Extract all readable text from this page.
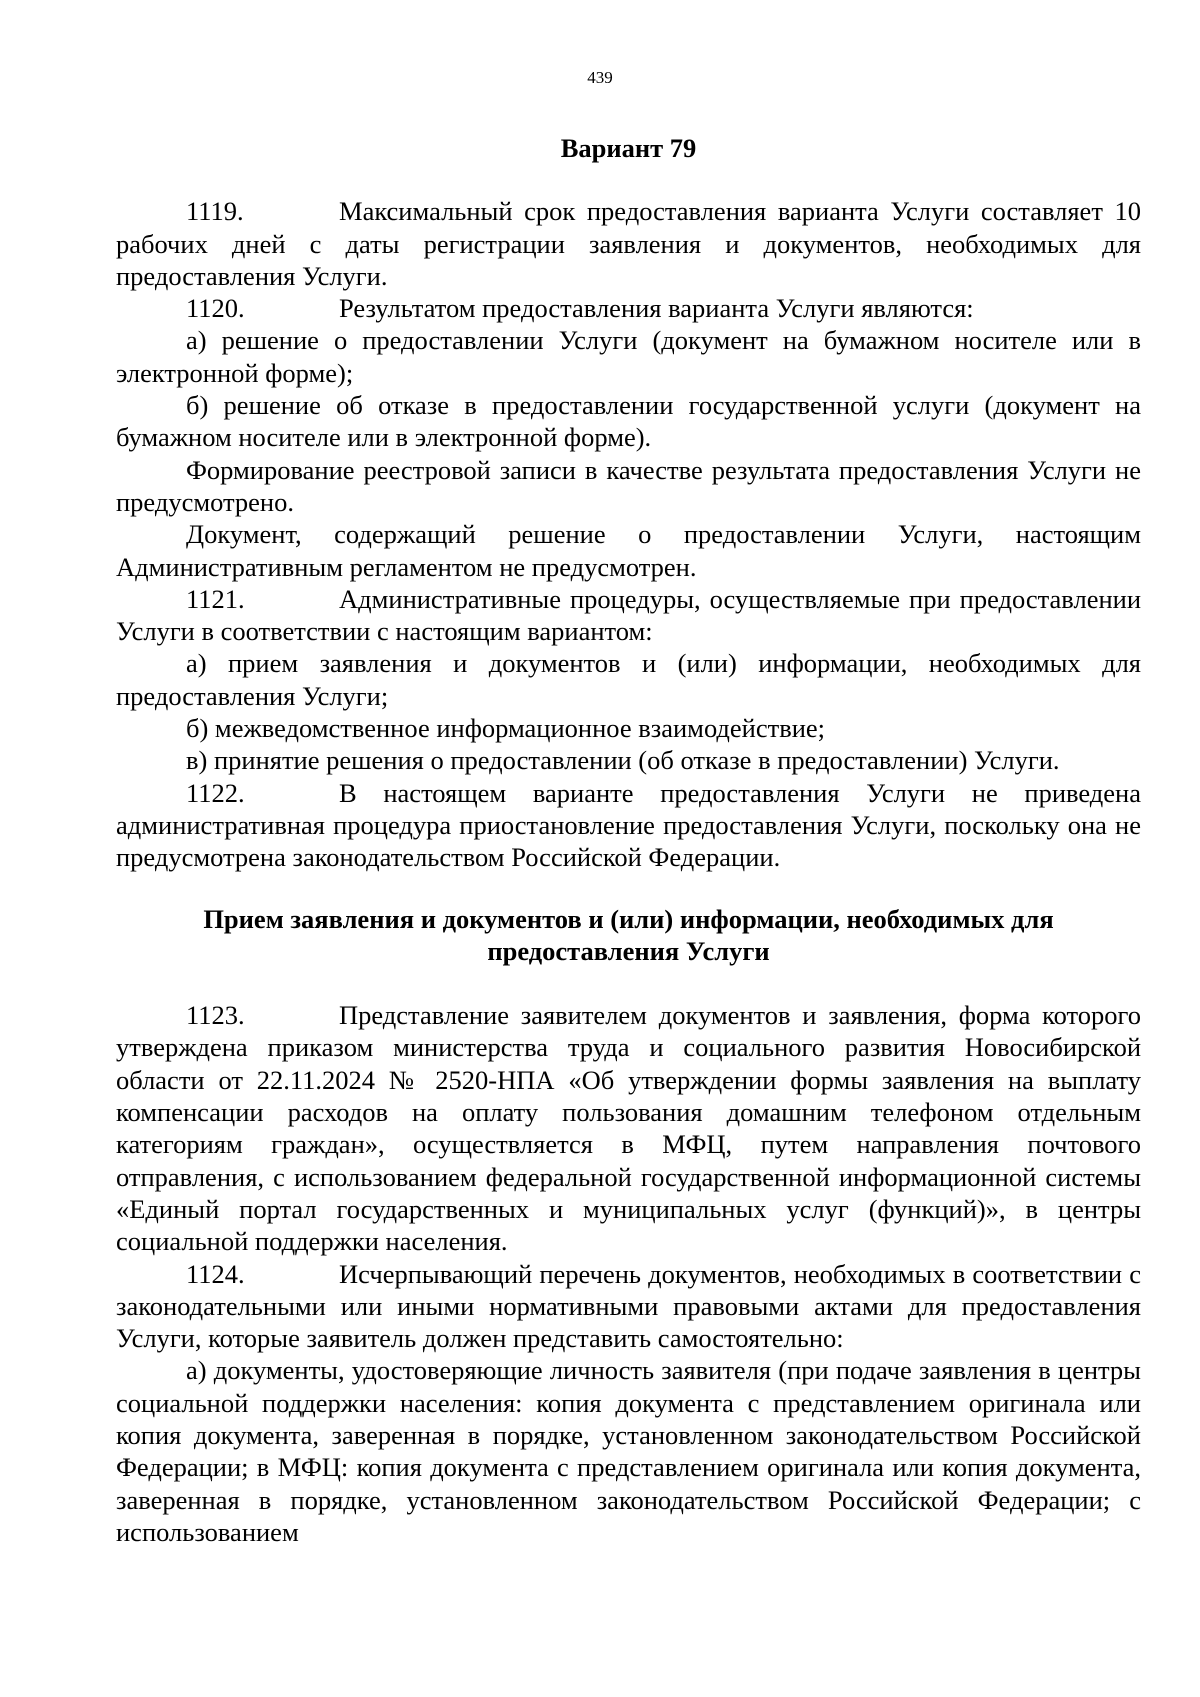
439
Вариант 79

1119.	Максимальный срок предоставления варианта Услуги составляет 10 рабочих дней с даты регистрации заявления и документов, необходимых для предоставления Услуги.

1120.	Результатом предоставления варианта Услуги являются:

а) решение о предоставлении Услуги (документ на бумажном носителе или в электронной форме);

б) решение об отказе в предоставлении государственной услуги (документ на бумажном носителе или в электронной форме).

Формирование реестровой записи в качестве результата предоставления Услуги не предусмотрено.

Документ, содержащий решение о предоставлении Услуги, настоящим Административным регламентом не предусмотрен.

1121.	Административные процедуры, осуществляемые при предоставлении Услуги в соответствии с настоящим вариантом:

а) прием заявления и документов и (или) информации, необходимых для предоставления Услуги;

б) межведомственное информационное взаимодействие;

в) принятие решения о предоставлении (об отказе в предоставлении) Услуги.

1122.	В настоящем варианте предоставления Услуги не приведена административная процедура приостановление предоставления Услуги, поскольку она не предусмотрена законодательством Российской Федерации.

Прием заявления и документов и (или) информации, необходимых для
предоставления Услуги

1123.	Представление заявителем документов и заявления, форма которого утверждена приказом министерства труда и социального развития Новосибирской области от 22.11.2024 № 2520-НПА «Об утверждении формы заявления на выплату компенсации расходов на оплату пользования домашним телефоном отдельным категориям граждан», осуществляется в МФЦ, путем направления почтового отправления, с использованием федеральной государственной информационной системы «Единый портал государственных и муниципальных услуг (функций)», в центры социальной поддержки населения.

1124.	Исчерпывающий перечень документов, необходимых в соответствии с законодательными или иными нормативными правовыми актами для предоставления Услуги, которые заявитель должен представить самостоятельно:

а) документы, удостоверяющие личность заявителя (при подаче заявления в центры социальной поддержки населения: копия документа с представлением оригинала или копия документа, заверенная в порядке, установленном законодательством Российской Федерации; в МФЦ: копия документа с представлением оригинала или копия документа, заверенная в порядке, установленном законодательством Российской Федерации; с использованием
